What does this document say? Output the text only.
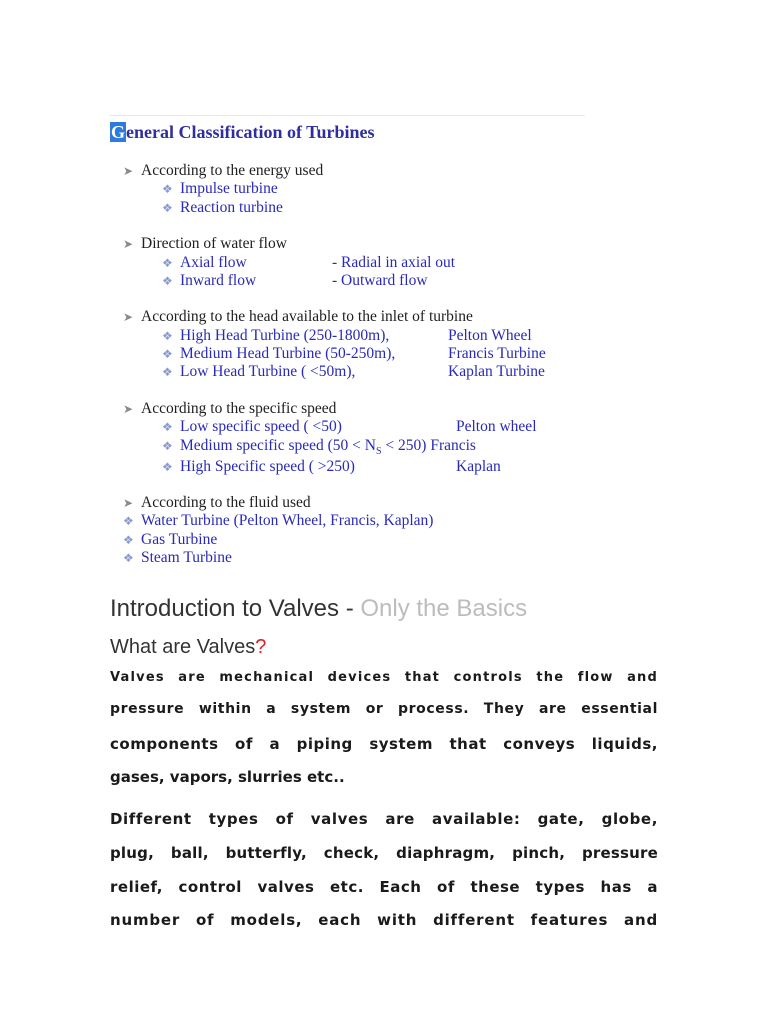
General Classification of Turbines
➤ According to the energy used
❖ Impulse turbine
❖ Reaction turbine
➤ Direction of water flow
❖ Axial flow	- Radial in axial out
❖ Inward flow	- Outward flow
➤ According to the head available to the inlet of turbine
❖ High Head Turbine (250-1800m),	Pelton Wheel
❖ Medium Head Turbine (50-250m),	Francis Turbine
❖ Low Head Turbine ( <50m),	Kaplan Turbine
➤ According to the specific speed
❖ Low specific speed ( <50)	Pelton wheel
❖ Medium specific speed $(50 < N_S < 250)$ Francis
❖ High Specific speed ( >250)	Kaplan
➤ According to the fluid used
❖ Water Turbine (Pelton Wheel, Francis, Kaplan)
❖ Gas Turbine
❖ Steam Turbine
Introduction to Valves - Only the Basics
What are Valves?

Valves are mechanical devices that controls the flow and

pressure within a system or process. They are essential

components of a piping system that conveys liquids,

gases, vapors, slurries etc..

Different types of valves are available: gate, globe,

plug, ball, butterfly, check, diaphragm, pinch, pressure

relief, control valves etc. Each of these types has a

number of models, each with different features and
